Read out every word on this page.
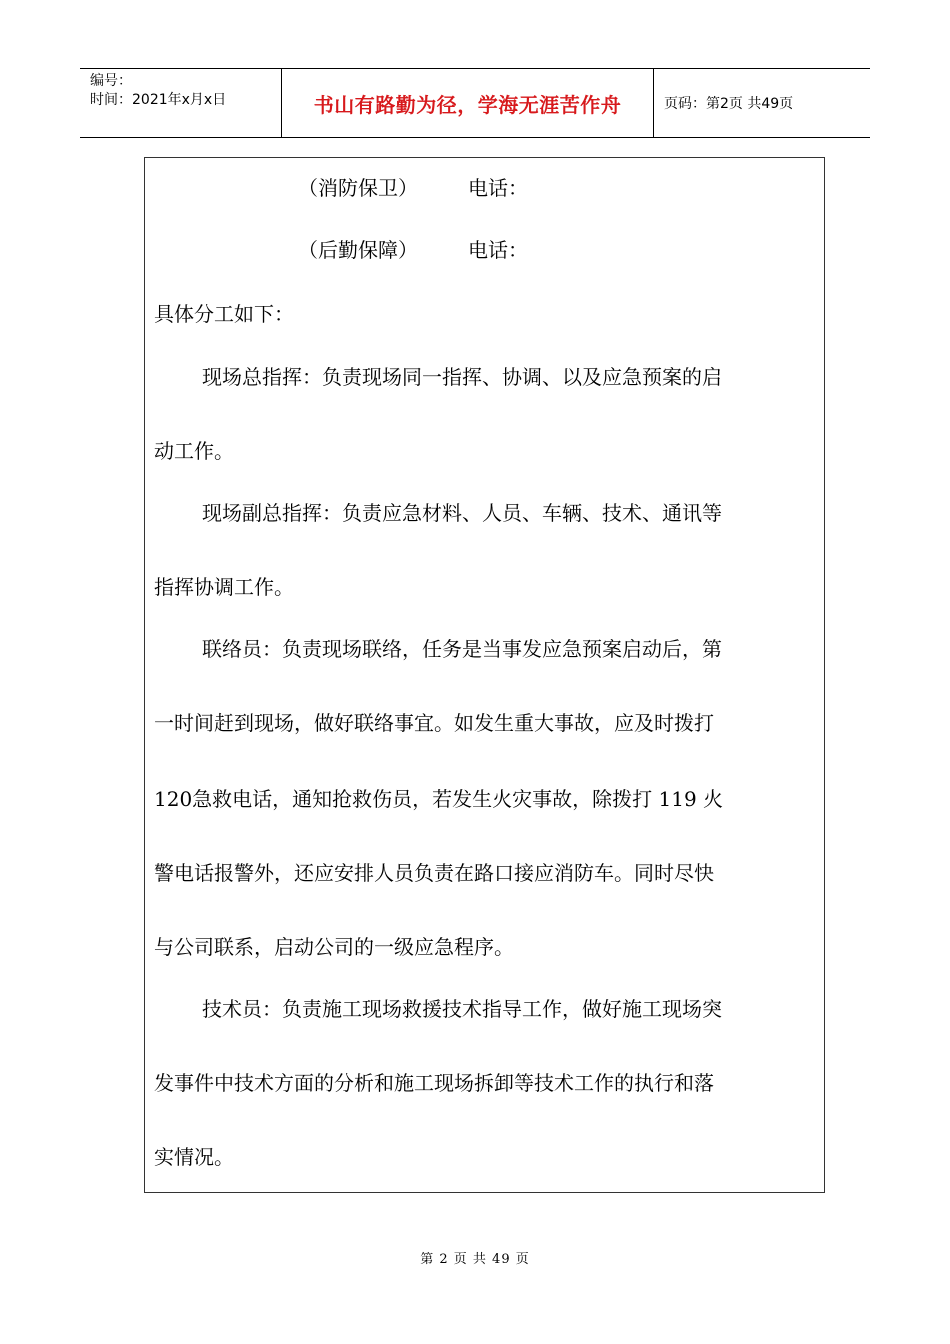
编号：
时间：2021年x月x日	书山有路勤为径，学海无涯苦作舟	页码：第2页 共49页
（消防保卫）	电话：
（后勤保障）	电话：
具体分工如下：
现场总指挥：负责现场同一指挥、协调、以及应急预案的启
动工作。
现场副总指挥：负责应急材料、人员、车辆、技术、通讯等
指挥协调工作。
联络员：负责现场联络，任务是当事发应急预案启动后，第
一时间赶到现场，做好联络事宜。如发生重大事故，应及时拨打
120急救电话，通知抢救伤员，若发生火灾事故，除拨打 119 火
警电话报警外，还应安排人员负责在路口接应消防车。同时尽快
与公司联系，启动公司的一级应急程序。
技术员：负责施工现场救援技术指导工作，做好施工现场突
发事件中技术方面的分析和施工现场拆卸等技术工作的执行和落
实情况。
第 2 页 共 49 页
